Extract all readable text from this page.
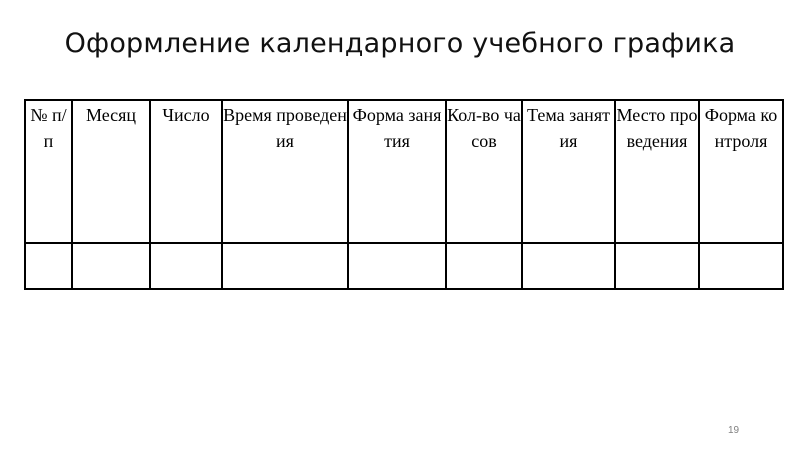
Оформление календарного учебного графика
№ п/п	Месяц	Число	Время проведения	Форма занятия	Кол-во часов	Тема занятия	Место проведения	Форма контроля

19
